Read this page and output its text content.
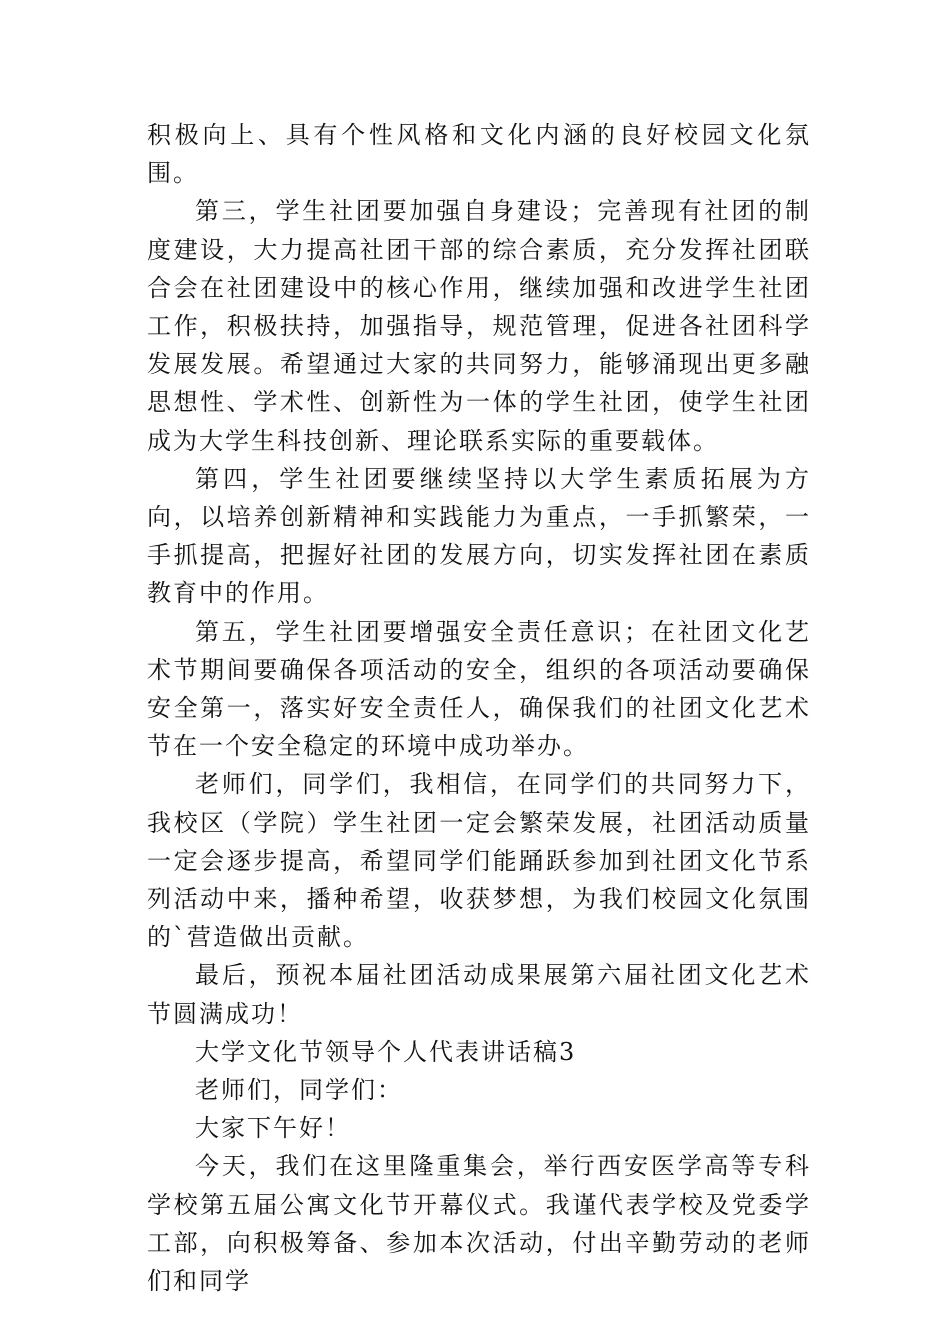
积极向上、具有个性风格和文化内涵的良好校园文化氛围。

第三，学生社团要加强自身建设；完善现有社团的制度建设，大力提高社团干部的综合素质，充分发挥社团联合会在社团建设中的核心作用，继续加强和改进学生社团工作，积极扶持，加强指导，规范管理，促进各社团科学发展发展。希望通过大家的共同努力，能够涌现出更多融思想性、学术性、创新性为一体的学生社团，使学生社团成为大学生科技创新、理论联系实际的重要载体。

第四，学生社团要继续坚持以大学生素质拓展为方向，以培养创新精神和实践能力为重点，一手抓繁荣，一手抓提高，把握好社团的发展方向，切实发挥社团在素质教育中的作用。

第五，学生社团要增强安全责任意识；在社团文化艺术节期间要确保各项活动的安全，组织的各项活动要确保安全第一，落实好安全责任人，确保我们的社团文化艺术节在一个安全稳定的环境中成功举办。

老师们，同学们，我相信，在同学们的共同努力下，我校区（学院）学生社团一定会繁荣发展，社团活动质量一定会逐步提高，希望同学们能踊跃参加到社团文化节系列活动中来，播种希望，收获梦想，为我们校园文化氛围的`营造做出贡献。

最后，预祝本届社团活动成果展第六届社团文化艺术节圆满成功！

大学文化节领导个人代表讲话稿3

老师们，同学们：

大家下午好！

今天，我们在这里隆重集会，举行西安医学高等专科学校第五届公寓文化节开幕仪式。我谨代表学校及党委学工部，向积极筹备、参加本次活动，付出辛勤劳动的老师们和同学
